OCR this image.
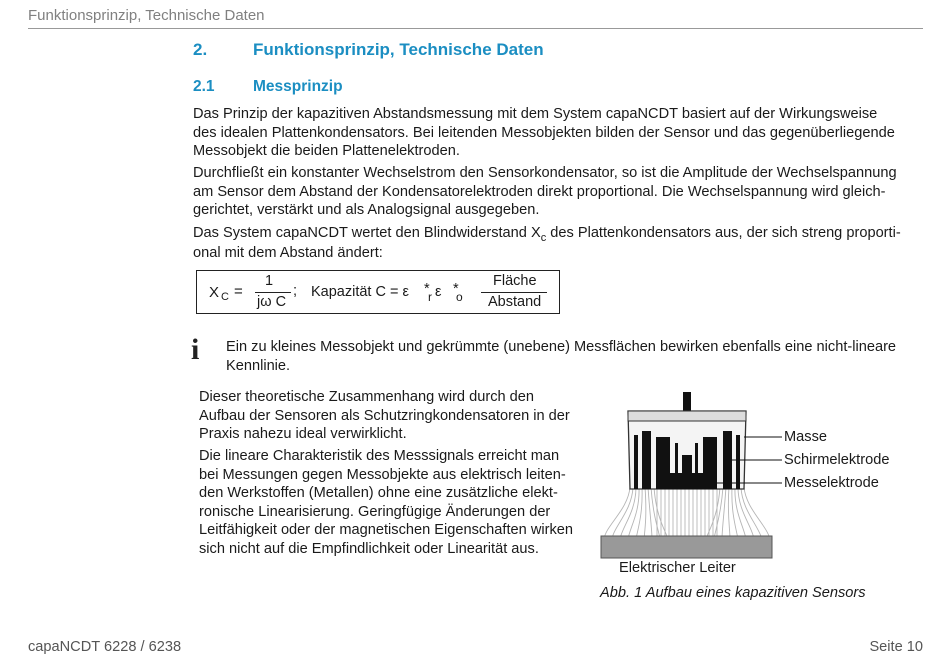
Funktionsprinzip, Technische Daten
2.	Funktionsprinzip, Technische Daten
2.1 Messprinzip
Das Prinzip der kapazitiven Abstandsmessung mit dem System capaNCDT basiert auf der Wirkungsweise
des idealen Plattenkondensators. Bei leitenden Messobjekten bilden der Sensor und das gegenüberliegende
Messobjekt die beiden Plattenelektroden.
Durchfließt ein konstanter Wechselstrom den Sensorkondensator, so ist die Amplitude der Wechselspannung
am Sensor dem Abstand der Kondensatorelektroden direkt proportional. Die Wechselspannung wird gleich-
gerichtet, verstärkt und als Analogsignal ausgegeben.
Das System capaNCDT wertet den Blindwiderstand $X_c$ des Plattenkondensators aus, der sich streng proporti-
onal mit dem Abstand ändert:
X C =
1
jω C
; Kapazität C = ε *
r ε *
o
Fläche
Abstand
i Ein zu kleines Messobjekt und gekrümmte (unebene) Messflächen bewirken ebenfalls eine nicht-lineare
Kennlinie.
Dieser theoretische Zusammenhang wird durch den
Aufbau der Sensoren als Schutzringkondensatoren in der
Praxis nahezu ideal verwirklicht.
Die lineare Charakteristik des Messsignals erreicht man
bei Messungen gegen Messobjekte aus elektrisch leiten-
den Werkstoffen (Metallen) ohne eine zusätzliche elekt-
ronische Linearisierung. Geringfügige Änderungen der
Leitfähigkeit oder der magnetischen Eigenschaften wirken
sich nicht auf die Empfindlichkeit oder Linearität aus.
Masse
Schirmelektrode
Messelektrode
Elektrischer Leiter
Abb. 1 Aufbau eines kapazitiven Sensors
capaNCDT 6228 / 6238	Seite 10
